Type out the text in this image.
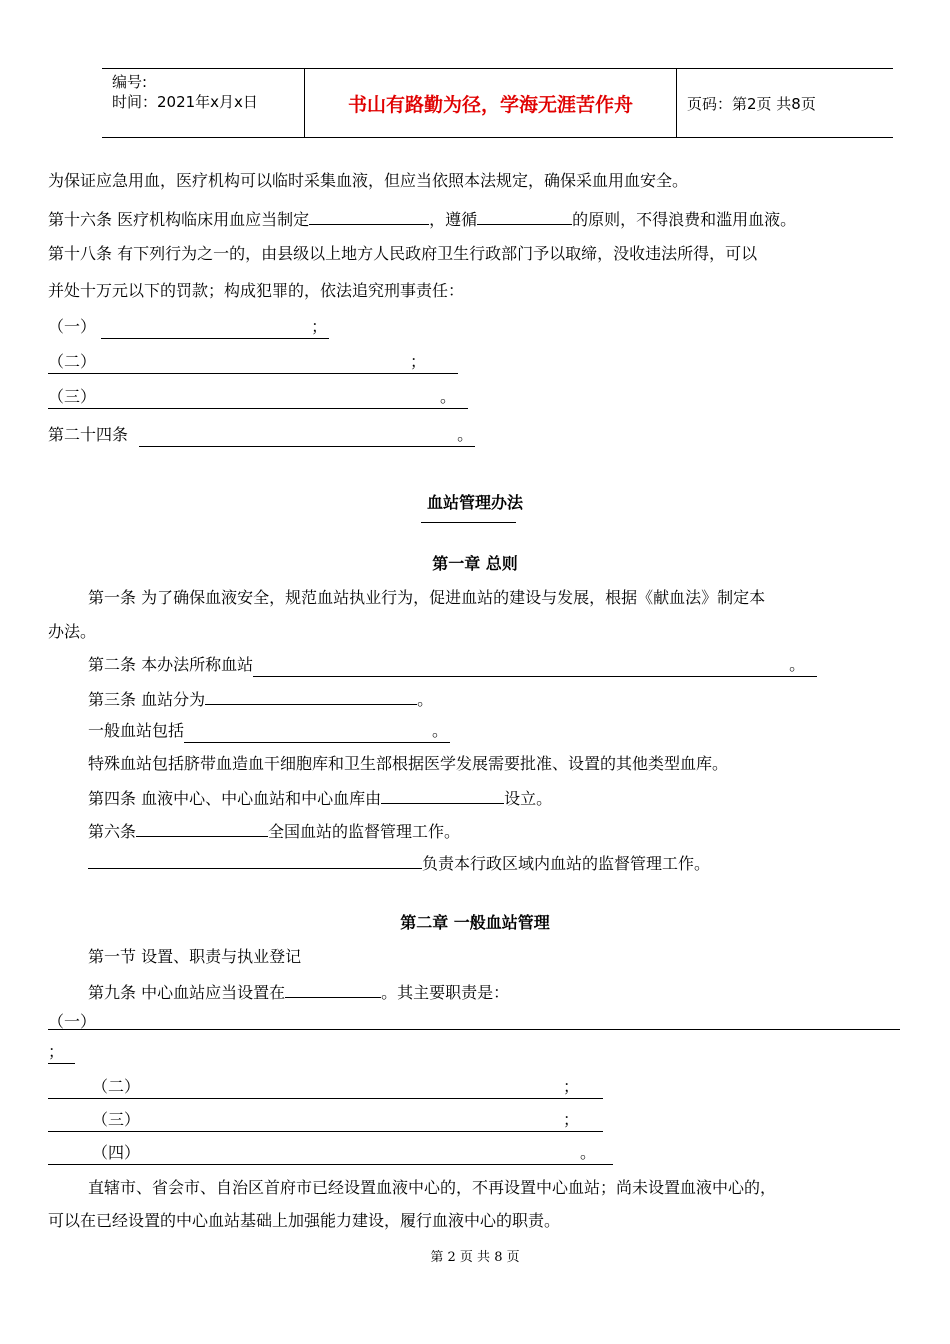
编号:
时间：2021年x月x日	书山有路勤为径，学海无涯苦作舟	页码：第2页 共8页
为保证应急用血，医疗机构可以临时采集血液，但应当依照本法规定，确保采血用血安全。
第十六条 医疗机构临床用血应当制定	，遵循	的原则，不得浪费和滥用血液。
第十八条 有下列行为之一的，由县级以上地方人民政府卫生行政部门予以取缔，没收违法所得，可以
并处十万元以下的罚款；构成犯罪的，依法追究刑事责任：
（一）	；
（二）	；
（三）	。
第二十四条	。
血站管理办法
第一章 总则
第一条 为了确保血液安全，规范血站执业行为，促进血站的建设与发展，根据《献血法》制定本
办法。
第二条 本办法所称血站	。
第三条 血站分为	。
一般血站包括	。
特殊血站包括脐带血造血干细胞库和卫生部根据医学发展需要批准、设置的其他类型血库。
第四条 血液中心、中心血站和中心血库由	设立。
第六条	全国血站的监督管理工作。
负责本行政区域内血站的监督管理工作。
第二章 一般血站管理
第一节 设置、职责与执业登记
第九条 中心血站应当设置在	。其主要职责是：
（一）
；
（二）	；
（三）	；
（四）	。
直辖市、省会市、自治区首府市已经设置血液中心的，不再设置中心血站；尚未设置血液中心的，
可以在已经设置的中心血站基础上加强能力建设，履行血液中心的职责。
第 2 页 共 8 页
